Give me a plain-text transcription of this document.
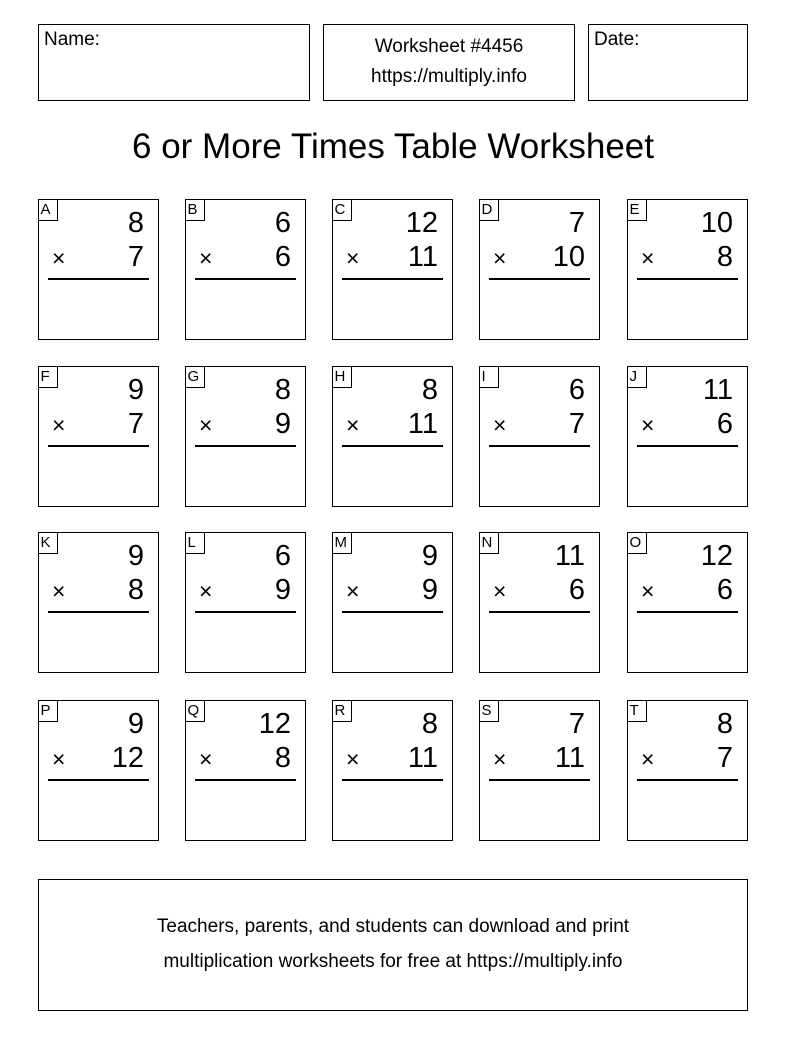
Name:	Worksheet #4456
https://multiply.info
Date:
6 or More Times Table Worksheet
A	8
× 7
B	6
× 6
C 12
× 11
D	7
× 10
E 10
× 8
F	9
× 7
G	8
× 9
H	8
× 11
I	6
× 7
J	11
× 6
K	9
× 8
L	6
× 9
M	9
× 9
N 11
× 6
O 12
× 6
P	9
× 12
Q 12
× 8
R	8
× 11
S	7
× 11
T	8
× 7
Teachers, parents, and students can download and print
multiplication worksheets for free at https://multiply.info
